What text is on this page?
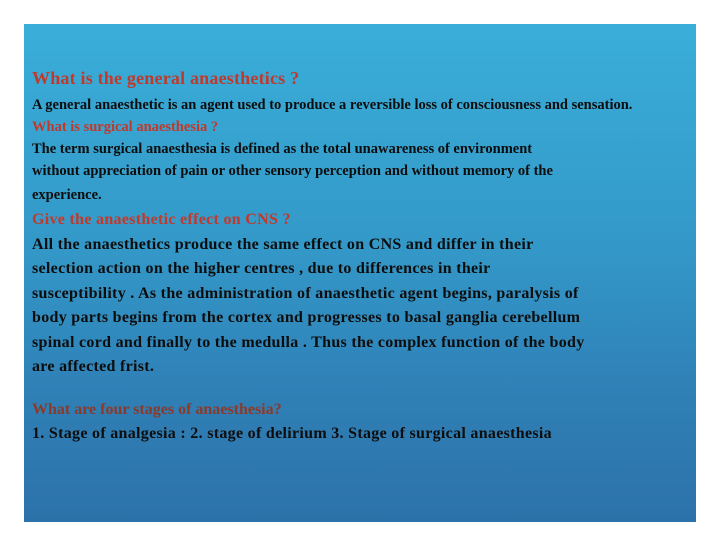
What is the general anaesthetics ?

A general anaesthetic is an agent used to produce a reversible loss of consciousness and sensation.

What is surgical anaesthesia ?

The term surgical anaesthesia is defined as the total unawareness of environment

without appreciation of pain or other sensory perception and without memory of the

experience.

Give the anaesthetic effect on CNS ?

All the anaesthetics produce the same effect on CNS and differ in their

selection action on the higher centres , due to differences in their

susceptibility . As the administration of anaesthetic agent begins, paralysis of

body parts begins from the cortex and progresses to basal ganglia cerebellum

spinal cord and finally to the medulla . Thus the complex function of the body

are affected frist.

What are four stages of anaesthesia?

1. Stage of analgesia : 2. stage of delirium 3. Stage of surgical anaesthesia
